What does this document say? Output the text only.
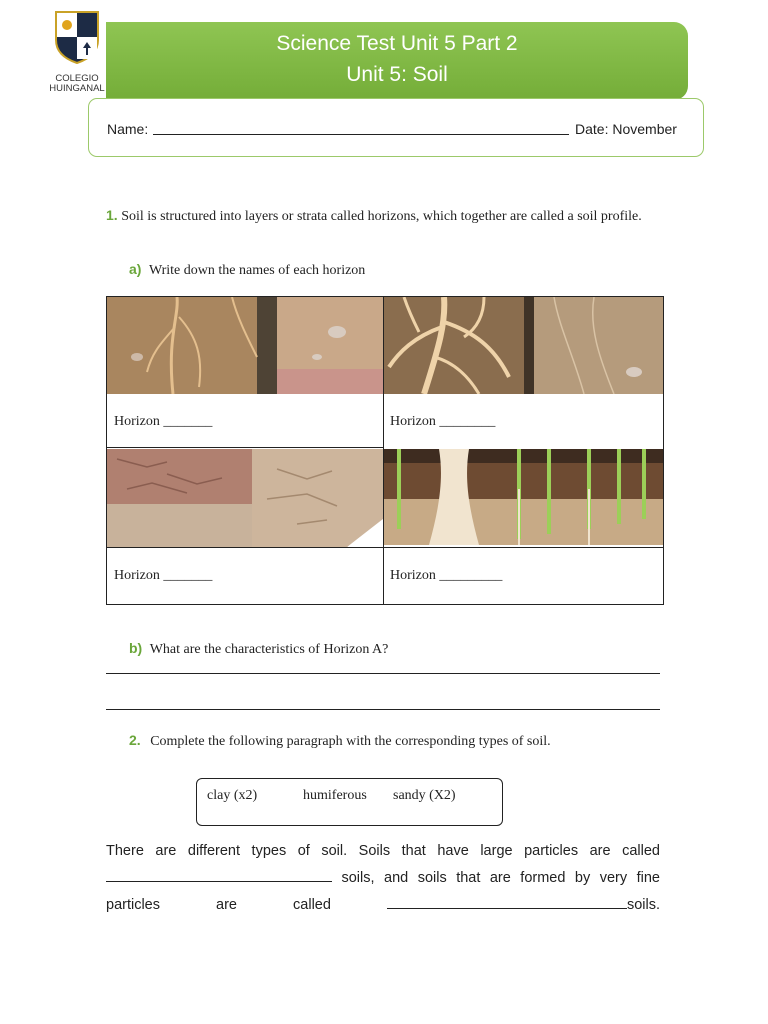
COLEGIO
HUINGANAL
Science Test Unit 5 Part 2
Unit 5: Soil
Name:	Date: November
1. Soil is structured into layers or strata called horizons, which together are called a soil profile.
a) Write down the names of each horizon
Horizon _______	Horizon ________
Horizon _______	Horizon _________
b) What are the characteristics of Horizon A?
2. Complete the following paragraph with the corresponding types of soil.
clay (x2)	humiferous sandy (X2)
There are different types of soil. Soils that have large particles are called soils, and soils that are formed by very fine particles are called	soils.
